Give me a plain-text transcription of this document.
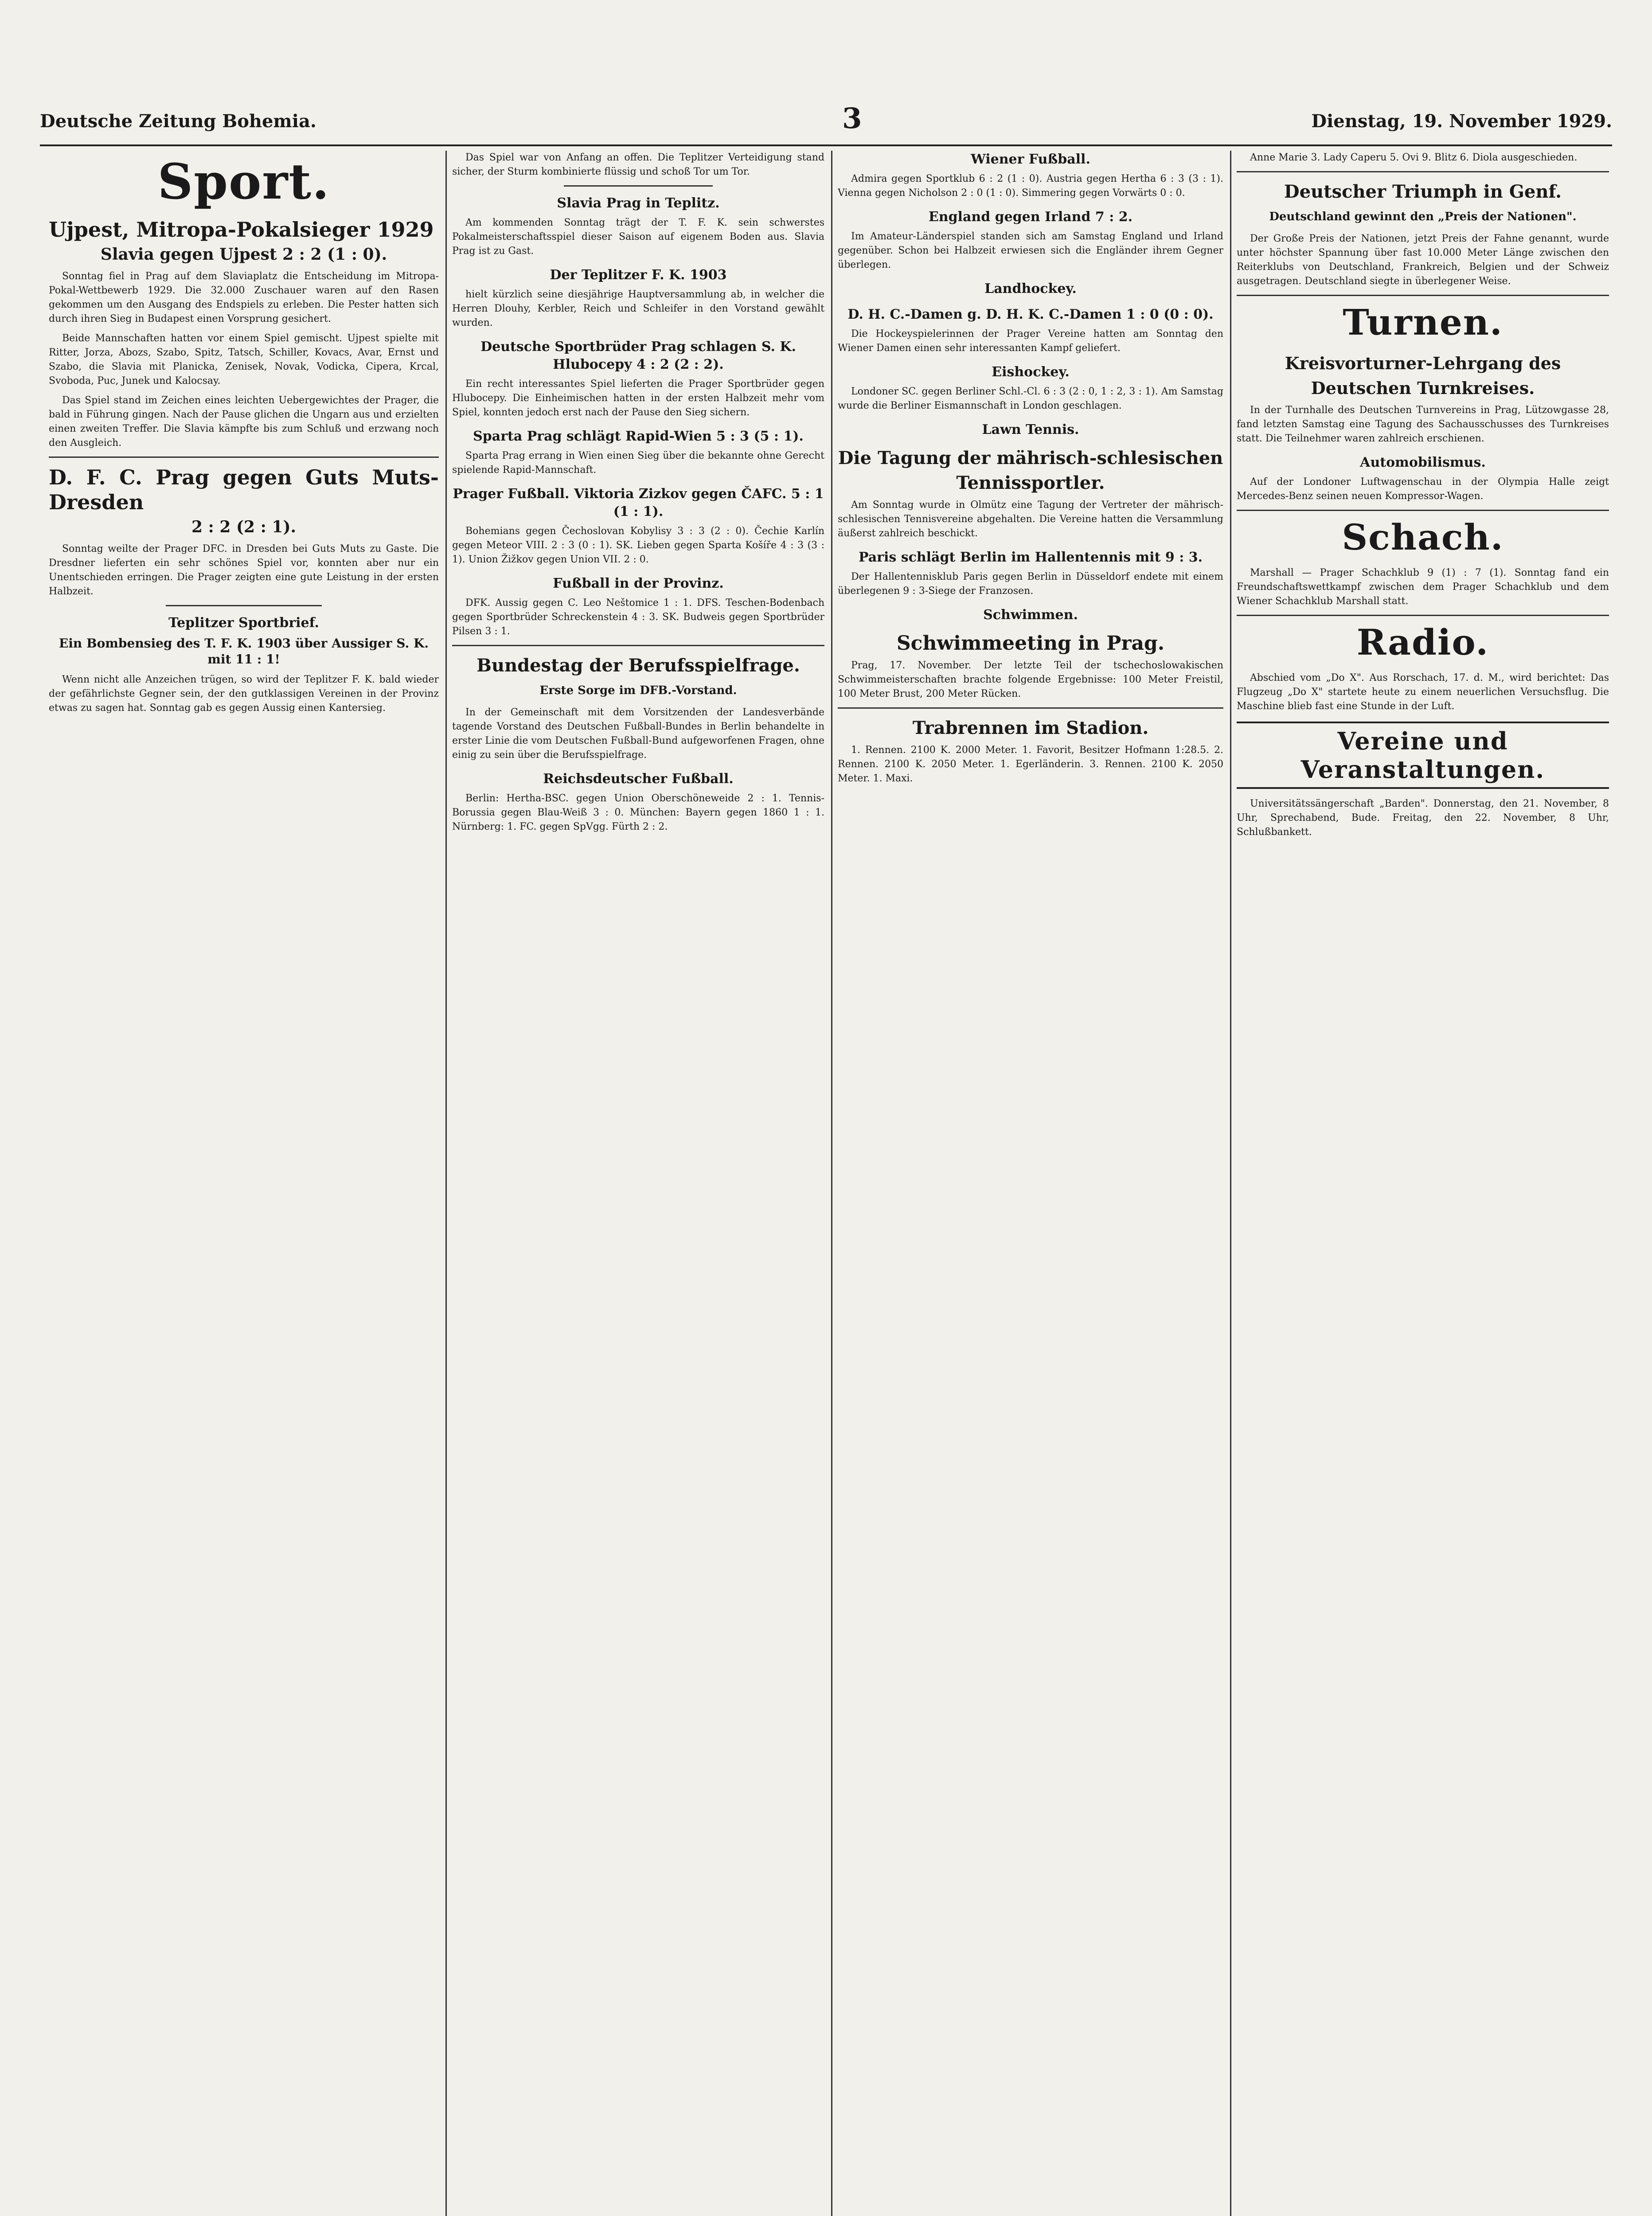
Deutsche Zeitung Bohemia.	3	Dienstag, 19. November 1929.
Sport.
Ujpest, Mitropa-Pokalsieger 1929
Slavia gegen Ujpest 2 : 2 (1 : 0).

Sonntag fiel in Prag auf dem Slaviaplatz die Entscheidung im Mitropa-Pokal-Wettbewerb 1929. Die 32.000 Zuschauer waren auf den Rasen gekommen um den Ausgang des Endspiels zu erleben. Die Pester hatten sich durch ihren Sieg in Budapest einen Vorsprung gesichert.

Beide Mannschaften hatten vor einem Spiel gemischt. Ujpest spielte mit Ritter, Jorza, Abozs, Szabo, Spitz, Tatsch, Schiller, Kovacs, Avar, Ernst und Szabo, die Slavia mit Planicka, Zenisek, Novak, Vodicka, Cipera, Krcal, Svoboda, Puc, Junek und Kalocsay.

Das Spiel stand im Zeichen eines leichten Uebergewichtes der Prager, die bald in Führung gingen. Nach der Pause glichen die Ungarn aus und erzielten einen zweiten Treffer. Die Slavia kämpfte bis zum Schluß und erzwang noch den Ausgleich.

D. F. C. Prag gegen Guts Muts-Dresden
2 : 2 (2 : 1).

Sonntag weilte der Prager DFC. in Dresden bei Guts Muts zu Gaste. Die Dresdner lieferten ein sehr schönes Spiel vor, konnten aber nur ein Unentschieden erringen. Die Prager zeigten eine gute Leistung in der ersten Halbzeit.

Teplitzer Sportbrief.
Ein Bombensieg des T. F. K. 1903 über Aussiger S. K. mit 11 : 1!

Wenn nicht alle Anzeichen trügen, so wird der Teplitzer F. K. bald wieder der gefährlichste Gegner sein, der den gutklassigen Vereinen in der Provinz etwas zu sagen hat. Sonntag gab es gegen Aussig einen Kantersieg.

Das Spiel war von Anfang an offen. Die Teplitzer Verteidigung stand sicher, der Sturm kombinierte flüssig und schoß Tor um Tor.

Slavia Prag in Teplitz.

Am kommenden Sonntag trägt der T. F. K. sein schwerstes Pokalmeisterschaftsspiel dieser Saison auf eigenem Boden aus. Slavia Prag ist zu Gast.

Der Teplitzer F. K. 1903

hielt kürzlich seine diesjährige Hauptversammlung ab, in welcher die Herren Dlouhy, Kerbler, Reich und Schleifer in den Vorstand gewählt wurden.

Deutsche Sportbrüder Prag schlagen S. K. Hlubocepy 4 : 2 (2 : 2).

Ein recht interessantes Spiel lieferten die Prager Sportbrüder gegen Hlubocepy. Die Einheimischen hatten in der ersten Halbzeit mehr vom Spiel, konnten jedoch erst nach der Pause den Sieg sichern.

Sparta Prag schlägt Rapid-Wien 5 : 3 (5 : 1).

Sparta Prag errang in Wien einen Sieg über die bekannte ohne Gerecht spielende Rapid-Mannschaft.

Prager Fußball. Viktoria Zizkov gegen ČAFC. 5 : 1 (1 : 1).

Bohemians gegen Čechoslovan Kobylisy 3 : 3 (2 : 0). Čechie Karlín gegen Meteor VIII. 2 : 3 (0 : 1). SK. Lieben gegen Sparta Košíře 4 : 3 (3 : 1). Union Žižkov gegen Union VII. 2 : 0.

Fußball in der Provinz.

DFK. Aussig gegen C. Leo Neštomice 1 : 1. DFS. Teschen-Bodenbach gegen Sportbrüder Schreckenstein 4 : 3. SK. Budweis gegen Sportbrüder Pilsen 3 : 1.

Bundestag der Berufsspielfrage.
Erste Sorge im DFB.-Vorstand.

In der Gemeinschaft mit dem Vorsitzenden der Landesverbände tagende Vorstand des Deutschen Fußball-Bundes in Berlin behandelte in erster Linie die vom Deutschen Fußball-Bund aufgeworfenen Fragen, ohne einig zu sein über die Berufsspielfrage.

Reichsdeutscher Fußball.

Berlin: Hertha-BSC. gegen Union Oberschöneweide 2 : 1. Tennis-Borussia gegen Blau-Weiß 3 : 0. München: Bayern gegen 1860 1 : 1. Nürnberg: 1. FC. gegen SpVgg. Fürth 2 : 2.

Wiener Fußball.

Admira gegen Sportklub 6 : 2 (1 : 0). Austria gegen Hertha 6 : 3 (3 : 1). Vienna gegen Nicholson 2 : 0 (1 : 0). Simmering gegen Vorwärts 0 : 0.

England gegen Irland 7 : 2.

Im Amateur-Länderspiel standen sich am Samstag England und Irland gegenüber. Schon bei Halbzeit erwiesen sich die Engländer ihrem Gegner überlegen.

Landhockey.
D. H. C.-Damen g. D. H. K. C.-Damen 1 : 0 (0 : 0).

Die Hockeyspielerinnen der Prager Vereine hatten am Sonntag den Wiener Damen einen sehr interessanten Kampf geliefert.

Eishockey.

Londoner SC. gegen Berliner Schl.-Cl. 6 : 3 (2 : 0, 1 : 2, 3 : 1). Am Samstag wurde die Berliner Eismannschaft in London geschlagen.

Lawn Tennis.
Die Tagung der mährisch-schlesischen Tennissportler.

Am Sonntag wurde in Olmütz eine Tagung der Vertreter der mährisch-schlesischen Tennisvereine abgehalten. Die Vereine hatten die Versammlung äußerst zahlreich beschickt.

Paris schlägt Berlin im Hallentennis mit 9 : 3.

Der Hallentennisklub Paris gegen Berlin in Düsseldorf endete mit einem überlegenen 9 : 3-Siege der Franzosen.

Schwimmen.
Schwimmeeting in Prag.

Prag, 17. November. Der letzte Teil der tschechoslowakischen Schwimmeisterschaften brachte folgende Ergebnisse: 100 Meter Freistil, 100 Meter Brust, 200 Meter Rücken.

Trabrennen im Stadion.

1. Rennen. 2100 K. 2000 Meter. 1. Favorit, Besitzer Hofmann 1:28.5. 2. Rennen. 2100 K. 2050 Meter. 1. Egerländerin. 3. Rennen. 2100 K. 2050 Meter. 1. Maxi.

Anne Marie 3. Lady Caperu 5. Ovi 9. Blitz 6. Diola ausgeschieden.

Deutscher Triumph in Genf.
Deutschland gewinnt den „Preis der Nationen".

Der Große Preis der Nationen, jetzt Preis der Fahne genannt, wurde unter höchster Spannung über fast 10.000 Meter Länge zwischen den Reiterklubs von Deutschland, Frankreich, Belgien und der Schweiz ausgetragen. Deutschland siegte in überlegener Weise.

Turnen.
Kreisvorturner-Lehrgang des Deutschen Turnkreises.

In der Turnhalle des Deutschen Turnvereins in Prag, Lützowgasse 28, fand letzten Samstag eine Tagung des Sachausschusses des Turnkreises statt. Die Teilnehmer waren zahlreich erschienen.

Automobilismus.

Auf der Londoner Luftwagenschau in der Olympia Halle zeigt Mercedes-Benz seinen neuen Kompressor-Wagen.

Schach.

Marshall — Prager Schachklub 9 (1) : 7 (1). Sonntag fand ein Freundschaftswettkampf zwischen dem Prager Schachklub und dem Wiener Schachklub Marshall statt.

Radio.

Abschied vom „Do X". Aus Rorschach, 17. d. M., wird berichtet: Das Flugzeug „Do X" startete heute zu einem neuerlichen Versuchsflug. Die Maschine blieb fast eine Stunde in der Luft.

Vereine und Veranstaltungen.

Universitätssängerschaft „Barden". Donnerstag, den 21. November, 8 Uhr, Sprechabend, Bude. Freitag, den 22. November, 8 Uhr, Schlußbankett.
